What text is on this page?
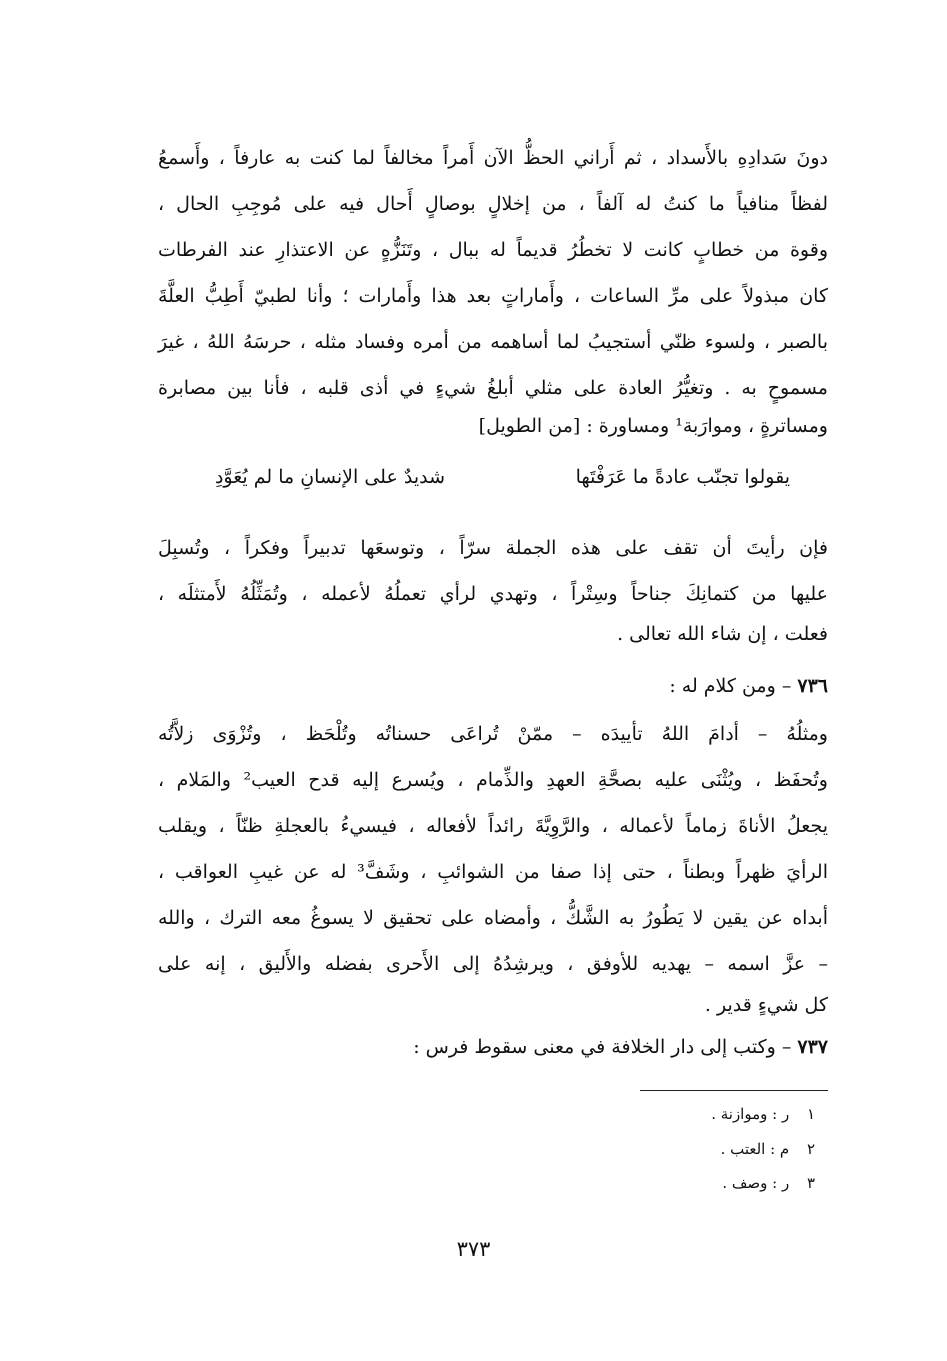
دونَ سَدادِهِ بالأَسداد ، ثم أَراني الحظُّ الآن أَمراً مخالفاً لما كنت به عارفاً ، وأَسمعُ
لفظاً منافياً ما كنتُ له آلفاً ، من إخلالٍ بوصالٍ أَحال فيه على مُوجِبِ الحال ،
وقوة من خطابٍ كانت لا تخطُرُ قديماً له ببال ، وتَنَزُّهٍ عن الاعتذارِ عند الفرطات
كان مبذولاً على مرِّ الساعات ، وأَماراتٍ بعد هذا وأَمارات ؛ وأنا لطبيّ أَطِبُّ العلَّةَ
بالصبر ، ولسوء ظنّي أستجيبُ لما أساهمه من أمره وفساد مثله ، حرسَهُ اللهُ ، غيرَ
مسموحٍ به . وتغيُّرُ العادة على مثلي أبلغُ شيءٍ في أذى قلبه ، فأنا بين مصابرة
ومساترةٍ ، وموارَبة¹ ومساورة : [من الطويل]
يقولوا تجنّب عادةً ما عَرَفْتَها
شديدٌ على الإنسانِ ما لم يُعَوَّدِ
فإن رأيتَ أن تقف على هذه الجملة سرّاً ، وتوسعَها تدبيراً وفكراً ، وتُسبِلَ
عليها من كتمانِكَ جناحاً وسِتْراً ، وتهدي لرأي تعملُهُ لأعمله ، وتُمَثِّلُهُ لأَمتثلَه ،
فعلت ، إن شاء الله تعالى .
٧٣٦ – ومن كلام له :
ومثلُهُ – أدامَ اللهُ تأييدَه – ممّنْ تُراعَى حسناتُه وتُلْحَظ ، وتُزْوَى زلاَّتُه
وتُحفَظ ، ويُثْنَى عليه بصحَّةِ العهدِ والذِّمام ، ويُسرع إليه قدح العيب² والمَلام ،
يجعلُ الأناةَ زماماً لأعماله ، والرَّوِيَّةَ رائداً لأفعاله ، فيسيءُ بالعجلةِ ظنّاً ، ويقلب
الرأيَ ظهراً وبطناً ، حتى إذا صفا من الشوائبِ ، وشَفَّ³ له عن غيبِ العواقب ،
أبداه عن يقين لا يَطُورُ به الشَّكُّ ، وأمضاه على تحقيق لا يسوغُ معه الترك ، والله
– عزَّ اسمه – يهديه للأوفق ، ويرشِدُهُ إلى الأَحرى بفضله والأَليق ، إنه على
كل شيءٍ قدير .
٧٣٧ – وكتب إلى دار الخلافة في معنى سقوط فرس :
١ ر : وموازنة .
٢ م : العتب .
٣ ر : وصف .
٣٧٣
